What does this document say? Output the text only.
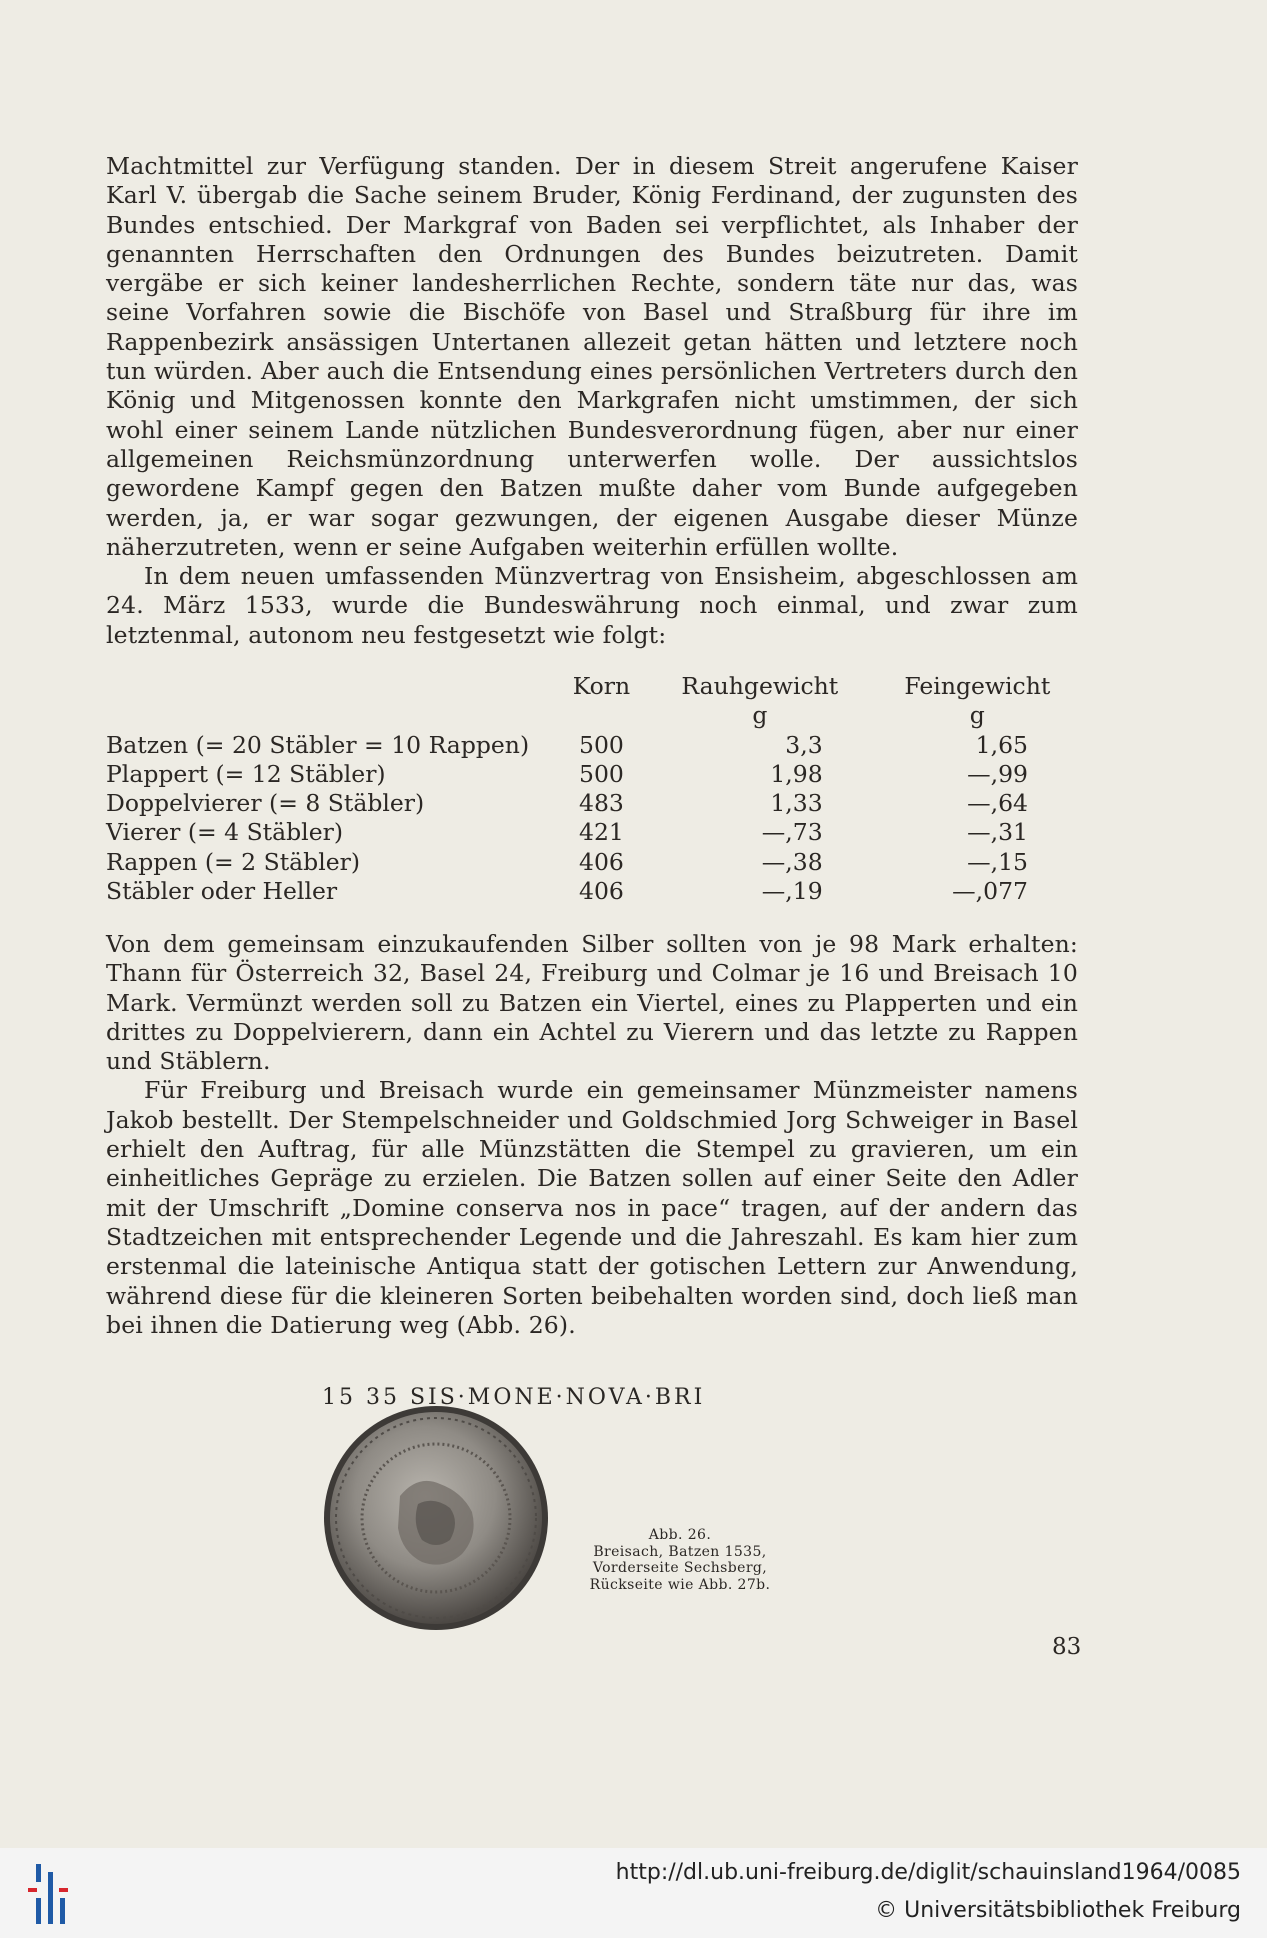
Machtmittel zur Verfügung standen. Der in diesem Streit angerufene Kaiser Karl V. übergab die Sache seinem Bruder, König Ferdinand, der zugunsten des Bundes entschied. Der Markgraf von Baden sei verpflichtet, als Inhaber der genannten Herrschaften den Ordnungen des Bundes beizutreten. Damit vergäbe er sich keiner landesherrlichen Rechte, sondern täte nur das, was seine Vorfahren sowie die Bischöfe von Basel und Straßburg für ihre im Rappenbezirk ansässigen Untertanen allezeit getan hätten und letztere noch tun würden. Aber auch die Entsendung eines persönlichen Vertreters durch den König und Mitgenossen konnte den Markgrafen nicht umstimmen, der sich wohl einer seinem Lande nützlichen Bundesverordnung fügen, aber nur einer allgemeinen Reichsmünzordnung unterwerfen wolle. Der aussichtslos gewordene Kampf gegen den Batzen mußte daher vom Bunde aufgegeben werden, ja, er war sogar gezwungen, der eigenen Ausgabe dieser Münze näherzutreten, wenn er seine Aufgaben weiterhin erfüllen wollte.

In dem neuen umfassenden Münzvertrag von Ensisheim, abgeschlossen am 24. März 1533, wurde die Bundeswährung noch einmal, und zwar zum letztenmal, autonom neu festgesetzt wie folgt:

	Korn	Rauhgewicht	Feingewicht
		g	g
Batzen (= 20 Stäbler = 10 Rappen)	500	3,3	1,65
Plappert (= 12 Stäbler)	500	1,98	—,99
Doppelvierer (= 8 Stäbler)	483	1,33	—,64
Vierer (= 4 Stäbler)	421	—,73	—,31
Rappen (= 2 Stäbler)	406	—,38	—,15
Stäbler oder Heller	406	—,19	—,077

Von dem gemeinsam einzukaufenden Silber sollten von je 98 Mark erhalten: Thann für Österreich 32, Basel 24, Freiburg und Colmar je 16 und Breisach 10 Mark. Vermünzt werden soll zu Batzen ein Viertel, eines zu Plapperten und ein drittes zu Doppelvierern, dann ein Achtel zu Vierern und das letzte zu Rappen und Stäblern.

Für Freiburg und Breisach wurde ein gemeinsamer Münzmeister namens Jakob bestellt. Der Stempelschneider und Goldschmied Jorg Schweiger in Basel erhielt den Auftrag, für alle Münzstätten die Stempel zu gravieren, um ein einheitliches Gepräge zu erzielen. Die Batzen sollen auf einer Seite den Adler mit der Umschrift „Domine conserva nos in pace“ tragen, auf der andern das Stadtzeichen mit entsprechender Legende und die Jahreszahl. Es kam hier zum erstenmal die lateinische Antiqua statt der gotischen Lettern zur Anwendung, während diese für die kleineren Sorten beibehalten worden sind, doch ließ man bei ihnen die Datierung weg (Abb. 26).

15 35 SIS·MONE·NOVA·BRI
Abb. 26.
Breisach, Batzen 1535,
Vorderseite Sechsberg,
Rückseite wie Abb. 27b.
83
http://dl.ub.uni-freiburg.de/diglit/schauinsland1964/0085
© Universitätsbibliothek Freiburg
